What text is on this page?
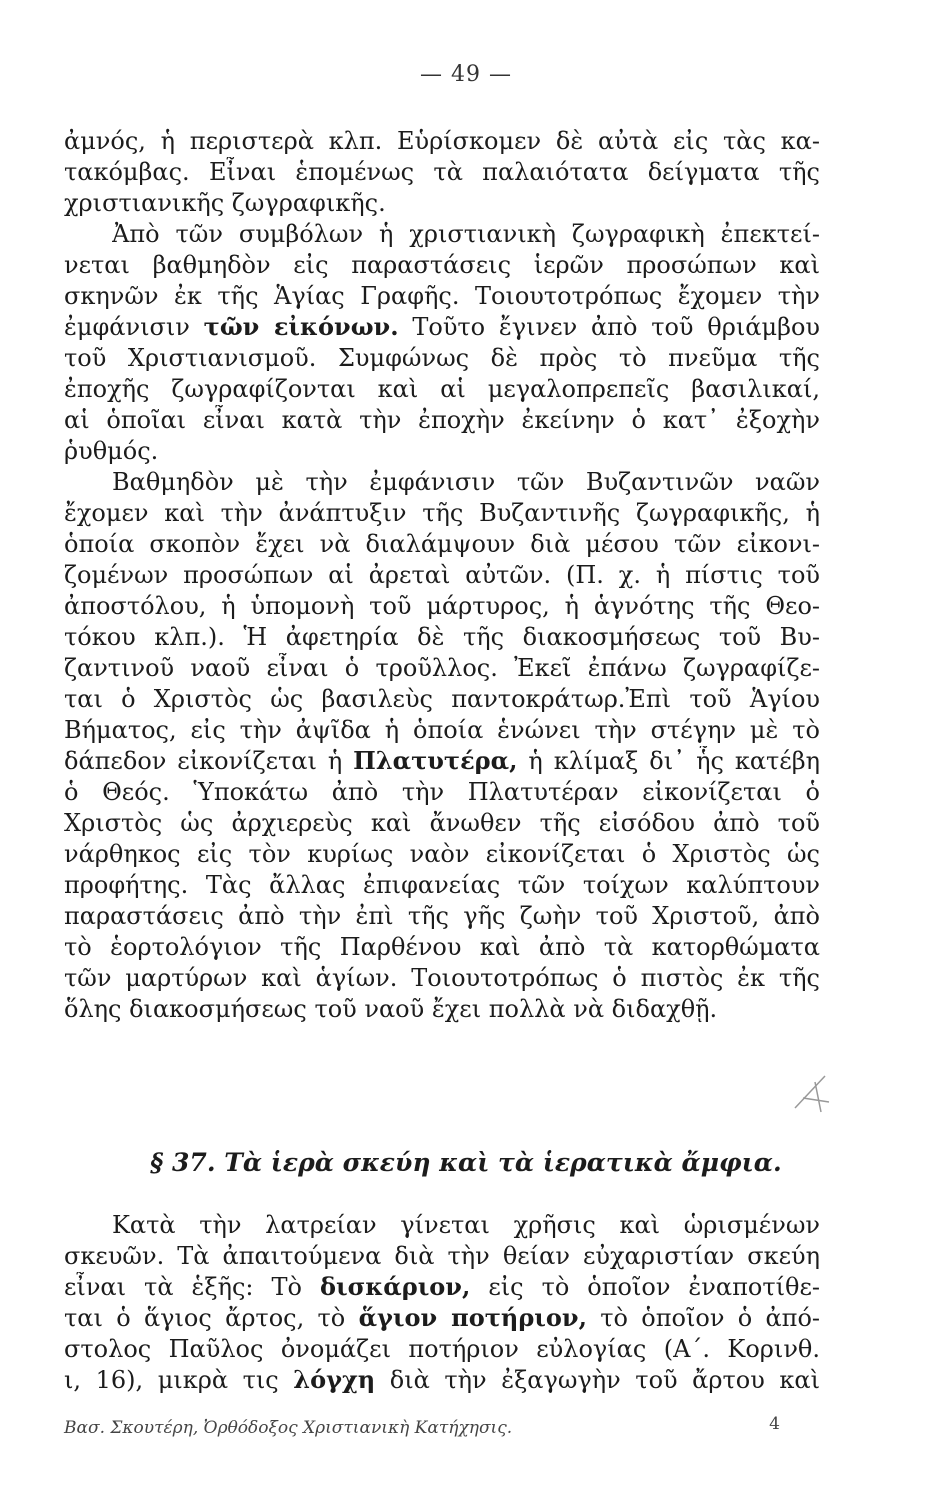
— 49 —
ἀμνός, ἡ περιστερὰ κλπ. Εὑρίσκομεν δὲ αὐτὰ εἰς τὰς κα-
τακόμβας. Εἶναι ἑπομένως τὰ παλαιότατα δείγματα τῆς
χριστιανικῆς ζωγραφικῆς.
Ἀπὸ τῶν συμβόλων ἡ χριστιανικὴ ζωγραφικὴ ἐπεκτεί-
νεται βαθμηδὸν εἰς παραστάσεις ἱερῶν προσώπων καὶ
σκηνῶν ἐκ τῆς Ἁγίας Γραφῆς. Τοιουτοτρόπως ἔχομεν τὴν
ἐμφάνισιν τῶν εἰκόνων. Τοῦτο ἔγινεν ἀπὸ τοῦ θριάμβου
τοῦ Χριστιανισμοῦ. Συμφώνως δὲ πρὸς τὸ πνεῦμα τῆς
ἐποχῆς ζωγραφίζονται καὶ αἱ μεγαλοπρεπεῖς βασιλικαί,
αἱ ὁποῖαι εἶναι κατὰ τὴν ἐποχὴν ἐκείνην ὁ κατ᾿ ἐξοχὴν
ῥυθμός.
Βαθμηδὸν μὲ τὴν ἐμφάνισιν τῶν Βυζαντινῶν ναῶν
ἔχομεν καὶ τὴν ἀνάπτυξιν τῆς Βυζαντινῆς ζωγραφικῆς, ἡ
ὁποία σκοπὸν ἔχει νὰ διαλάμψουν διὰ μέσου τῶν εἰκονι-
ζομένων προσώπων αἱ ἀρεταὶ αὐτῶν. (Π. χ. ἡ πίστις τοῦ
ἀποστόλου, ἡ ὑπομονὴ τοῦ μάρτυρος, ἡ ἁγνότης τῆς Θεο-
τόκου κλπ.). Ἡ ἀφετηρία δὲ τῆς διακοσμήσεως τοῦ Βυ-
ζαντινοῦ ναοῦ εἶναι ὁ τροῦλλος. Ἐκεῖ ἐπάνω ζωγραφίζε-
ται ὁ Χριστὸς ὡς βασιλεὺς παντοκράτωρ.Ἐπὶ τοῦ Ἁγίου
Βήματος, εἰς τὴν ἀψῖδα ἡ ὁποία ἑνώνει τὴν στέγην μὲ τὸ
δάπεδον εἰκονίζεται ἡ Πλατυτέρα, ἡ κλίμαξ δι᾿ ἧς κατέβη
ὁ Θεός. Ὑποκάτω ἀπὸ τὴν Πλατυτέραν εἰκονίζεται ὁ
Χριστὸς ὡς ἀρχιερεὺς καὶ ἄνωθεν τῆς εἰσόδου ἀπὸ τοῦ
νάρθηκος εἰς τὸν κυρίως ναὸν εἰκονίζεται ὁ Χριστὸς ὡς
προφήτης. Τὰς ἄλλας ἐπιφανείας τῶν τοίχων καλύπτουν
παραστάσεις ἀπὸ τὴν ἐπὶ τῆς γῆς ζωὴν τοῦ Χριστοῦ, ἀπὸ
τὸ ἑορτολόγιον τῆς Παρθένου καὶ ἀπὸ τὰ κατορθώματα
τῶν μαρτύρων καὶ ἁγίων. Τοιουτοτρόπως ὁ πιστὸς ἐκ τῆς
ὅλης διακοσμήσεως τοῦ ναοῦ ἔχει πολλὰ νὰ διδαχθῇ.
§ 37. Τὰ ἱερὰ σκεύη καὶ τὰ ἱερατικὰ ἄμφια.
Κατὰ τὴν λατρείαν γίνεται χρῆσις καὶ ὡρισμένων
σκευῶν. Τὰ ἀπαιτούμενα διὰ τὴν θείαν εὐχαριστίαν σκεύη
εἶναι τὰ ἑξῆς: Τὸ δισκάριον, εἰς τὸ ὁποῖον ἐναποτίθε-
ται ὁ ἅγιος ἄρτος, τὸ ἅγιον ποτήριον, τὸ ὁποῖον ὁ ἀπό-
στολος Παῦλος ὀνομάζει ποτήριον εὐλογίας (Α΄. Κορινθ.
ι, 16), μικρὰ τις λόγχη διὰ τὴν ἐξαγωγὴν τοῦ ἄρτου καὶ
Βασ. Σκουτέρη, Ὀρθόδοξος Χριστιανικὴ Κατήχησις.	4
